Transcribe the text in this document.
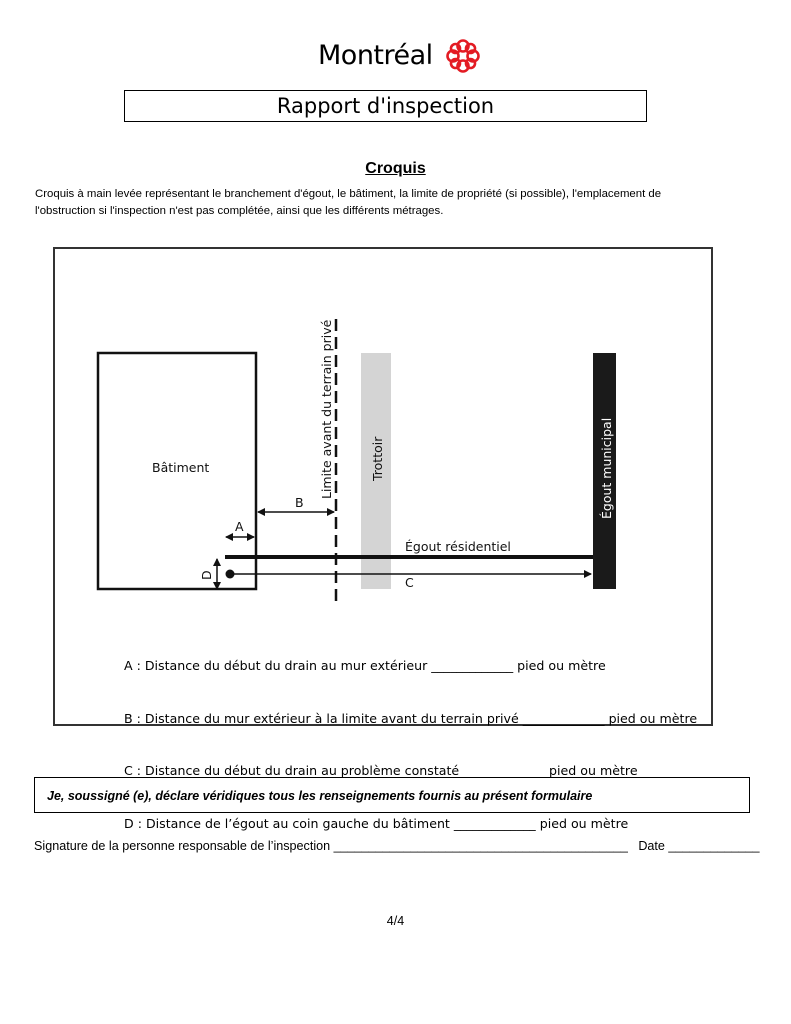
Montréal
Rapport d'inspection
Croquis
Croquis à main levée représentant le branchement d'égout, le bâtiment, la limite de propriété (si possible), l'emplacement de l'obstruction si l'inspection n'est pas complétée, ainsi que les différents métrages.
Bâtiment	Limite avant du terrain privé	Trottoir	Égout municipal
Égout résidentiel
B
A
D	C

A : Distance du début du drain au mur extérieur _____________ pied ou mètre

B : Distance du mur extérieur à la limite avant du terrain privé _____________ pied ou mètre

C : Distance du début du drain au problème constaté _____________ pied ou mètre

D : Distance de l’égout au coin gauche du bâtiment _____________ pied ou mètre

Je, soussigné (e), déclare véridiques tous les renseignements fournis au présent formulaire
Signature de la personne responsable de l’inspection __________________________________________   Date _____________
4/4
